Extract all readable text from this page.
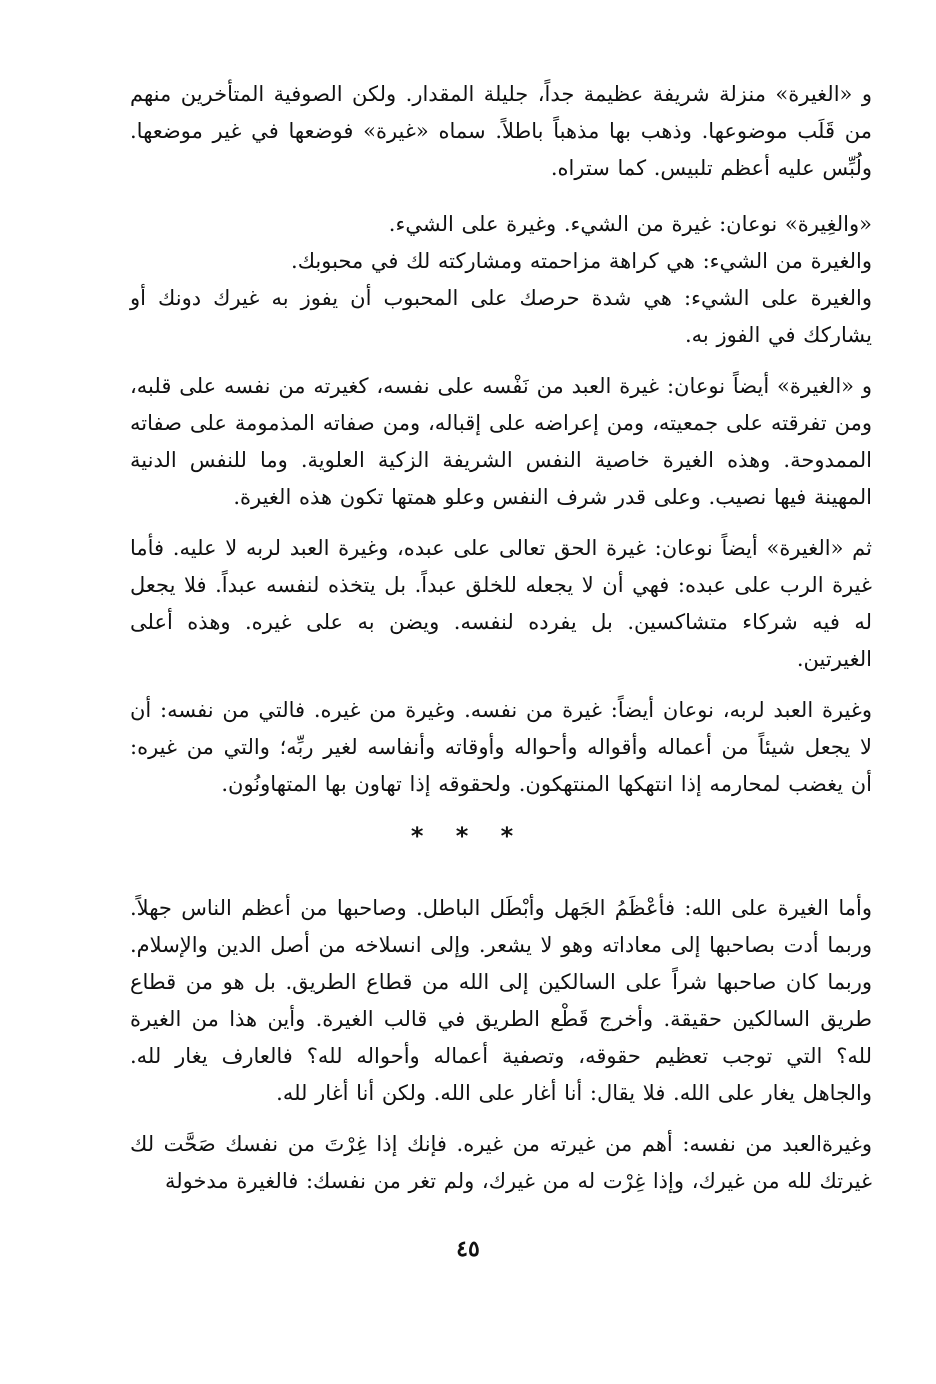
و «الغيرة» منزلة شريفة عظيمة جداً، جليلة المقدار. ولكن الصوفية المتأخرين منهم من قَلَب موضوعها. وذهب بها مذهباً باطلاً. سماه «غيرة» فوضعها في غير موضعها. ولُبِّس عليه أعظم تلبيس. كما ستراه.
«والغِيرة» نوعان: غيرة من الشيء. وغيرة على الشيء.
والغيرة من الشيء: هي كراهة مزاحمته ومشاركته لك في محبوبك.
والغيرة على الشيء: هي شدة حرصك على المحبوب أن يفوز به غيرك دونك أو يشاركك في الفوز به.
و «الغيرة» أيضاً نوعان: غيرة العبد من نَفْسه على نفسه، كغيرته من نفسه على قلبه، ومن تفرقته على جمعيته، ومن إعراضه على إقباله، ومن صفاته المذمومة على صفاته الممدوحة. وهذه الغيرة خاصية النفس الشريفة الزكية العلوية. وما للنفس الدنية المهينة فيها نصيب. وعلى قدر شرف النفس وعلو همتها تكون هذه الغيرة.
ثم «الغيرة» أيضاً نوعان: غيرة الحق تعالى على عبده، وغيرة العبد لربه لا عليه. فأما غيرة الرب على عبده: فهي أن لا يجعله للخلق عبداً. بل يتخذه لنفسه عبداً. فلا يجعل له فيه شركاء متشاكسين. بل يفرده لنفسه. ويضن به على غيره. وهذه أعلى الغيرتين.
وغيرة العبد لربه، نوعان أيضاً: غيرة من نفسه. وغيرة من غيره. فالتي من نفسه: أن لا يجعل شيئاً من أعماله وأقواله وأحواله وأوقاته وأنفاسه لغير ربِّه؛ والتي من غيره: أن يغضب لمحارمه إذا انتهكها المنتهكون. ولحقوقه إذا تهاون بها المتهاونُون.
* * *
وأما الغيرة على الله: فأعْظَمُ الجَهل وأبْطَل الباطل. وصاحبها من أعظم الناس جهلاً. وربما أدت بصاحبها إلى معاداته وهو لا يشعر. وإلى انسلاخه من أصل الدين والإسلام. وربما كان صاحبها شراً على السالكين إلى الله من قطاع الطريق. بل هو من قطاع طريق السالكين حقيقة. وأخرج قَطْع الطريق في قالب الغيرة. وأين هذا من الغيرة لله؟ التي توجب تعظيم حقوقه، وتصفية أعماله وأحواله لله؟ فالعارف يغار لله. والجاهل يغار على الله. فلا يقال: أنا أغار على الله. ولكن أنا أغار لله.
وغيرةالعبد من نفسه: أهم من غيرته من غيره. فإنك إذا غِرْتَ من نفسك صَحَّت لك غيرتك لله من غيرك، وإذا غِرْت له من غيرك، ولم تغر من نفسك: فالغيرة مدخولة
٤٥
